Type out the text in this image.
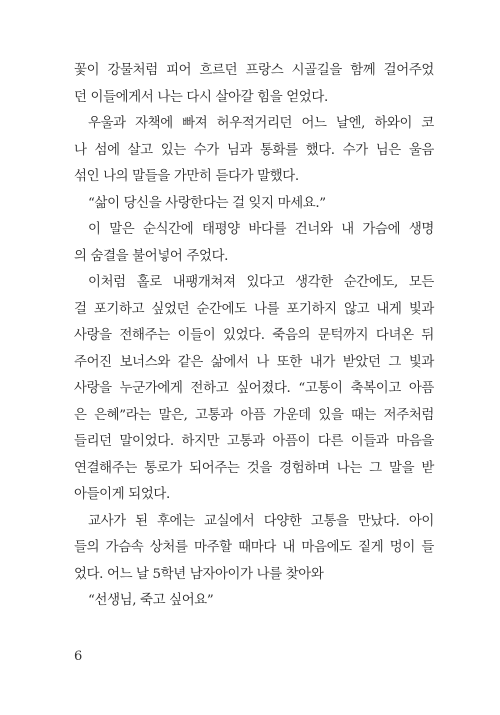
꽃이 강물처럼 피어 흐르던 프랑스 시골길을 함께 걸어주었
던 이들에게서 나는 다시 살아갈 힘을 얻었다.
우울과 자책에 빠져 허우적거리던 어느 날엔, 하와이 코
나 섬에 살고 있는 수가 님과 통화를 했다. 수가 님은 울음
섞인 나의 말들을 가만히 듣다가 말했다.
“삶이 당신을 사랑한다는 걸 잊지 마세요.”
이 말은 순식간에 태평양 바다를 건너와 내 가슴에 생명
의 숨결을 불어넣어 주었다.
이처럼 홀로 내팽개쳐져 있다고 생각한 순간에도, 모든
걸 포기하고 싶었던 순간에도 나를 포기하지 않고 내게 빛과
사랑을 전해주는 이들이 있었다. 죽음의 문턱까지 다녀온 뒤
주어진 보너스와 같은 삶에서 나 또한 내가 받았던 그 빛과
사랑을 누군가에게 전하고 싶어졌다. “고통이 축복이고 아픔
은 은혜”라는 말은, 고통과 아픔 가운데 있을 때는 저주처럼
들리던 말이었다. 하지만 고통과 아픔이 다른 이들과 마음을
연결해주는 통로가 되어주는 것을 경험하며 나는 그 말을 받
아들이게 되었다.
교사가 된 후에는 교실에서 다양한 고통을 만났다. 아이
들의 가슴속 상처를 마주할 때마다 내 마음에도 짙게 멍이 들
었다. 어느 날 5학년 남자아이가 나를 찾아와
“선생님, 죽고 싶어요”
6
